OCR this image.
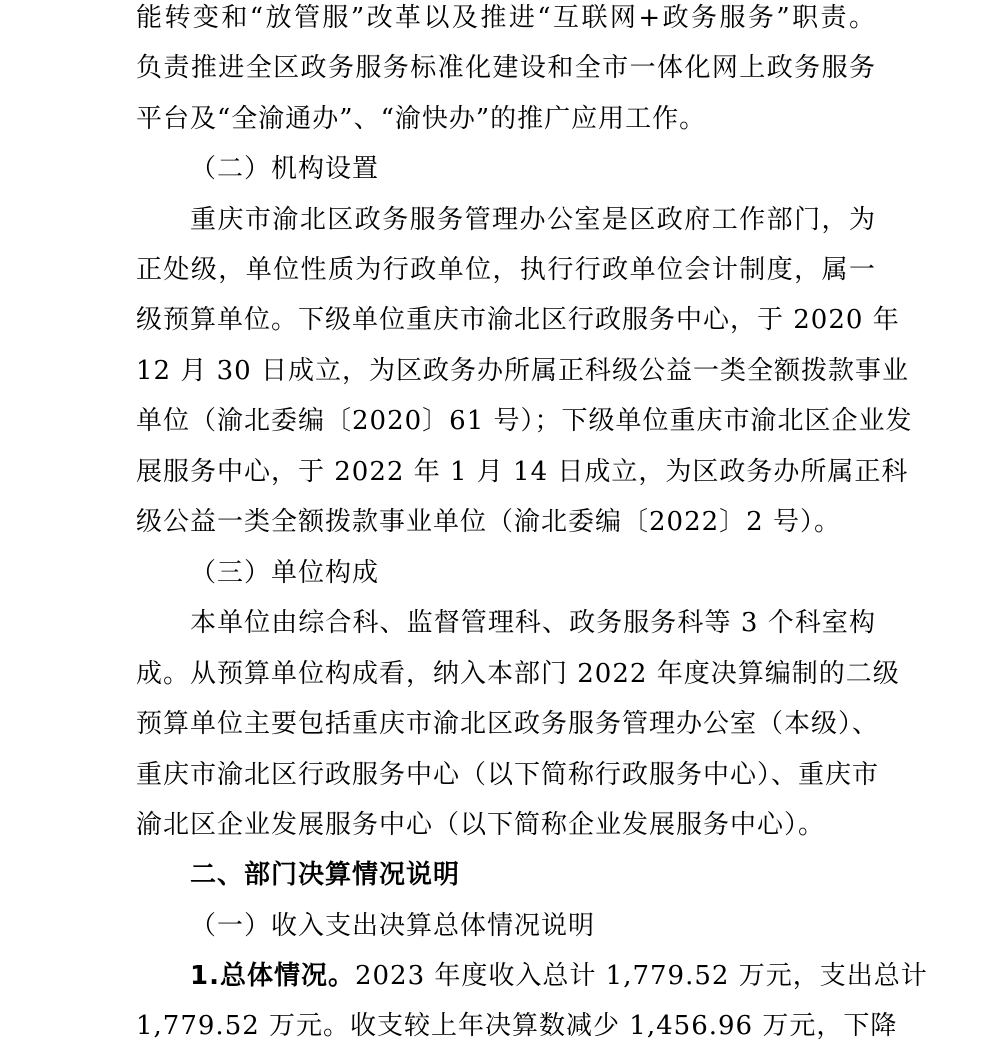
能转变和“放管服”改革以及推进“互联网+政务服务”职责。
负责推进全区政务服务标准化建设和全市一体化网上政务服务
平台及“全渝通办”、“渝快办”的推广应用工作。
（二）机构设置
重庆市渝北区政务服务管理办公室是区政府工作部门，为
正处级，单位性质为行政单位，执行行政单位会计制度，属一
级预算单位。下级单位重庆市渝北区行政服务中心，于 2020 年
12 月 30 日成立，为区政务办所属正科级公益一类全额拨款事业
单位（渝北委编〔2020〕61 号）；下级单位重庆市渝北区企业发
展服务中心，于 2022 年 1 月 14 日成立，为区政务办所属正科
级公益一类全额拨款事业单位（渝北委编〔2022〕2 号）。
（三）单位构成
本单位由综合科、监督管理科、政务服务科等 3 个科室构
成。从预算单位构成看，纳入本部门 2022 年度决算编制的二级
预算单位主要包括重庆市渝北区政务服务管理办公室（本级）、
重庆市渝北区行政服务中心（以下简称行政服务中心）、重庆市
渝北区企业发展服务中心（以下简称企业发展服务中心）。
二、部门决算情况说明
（一）收入支出决算总体情况说明
1.总体情况。2023 年度收入总计 1,779.52 万元，支出总计
1,779.52 万元。收支较上年决算数减少 1,456.96 万元，下降
